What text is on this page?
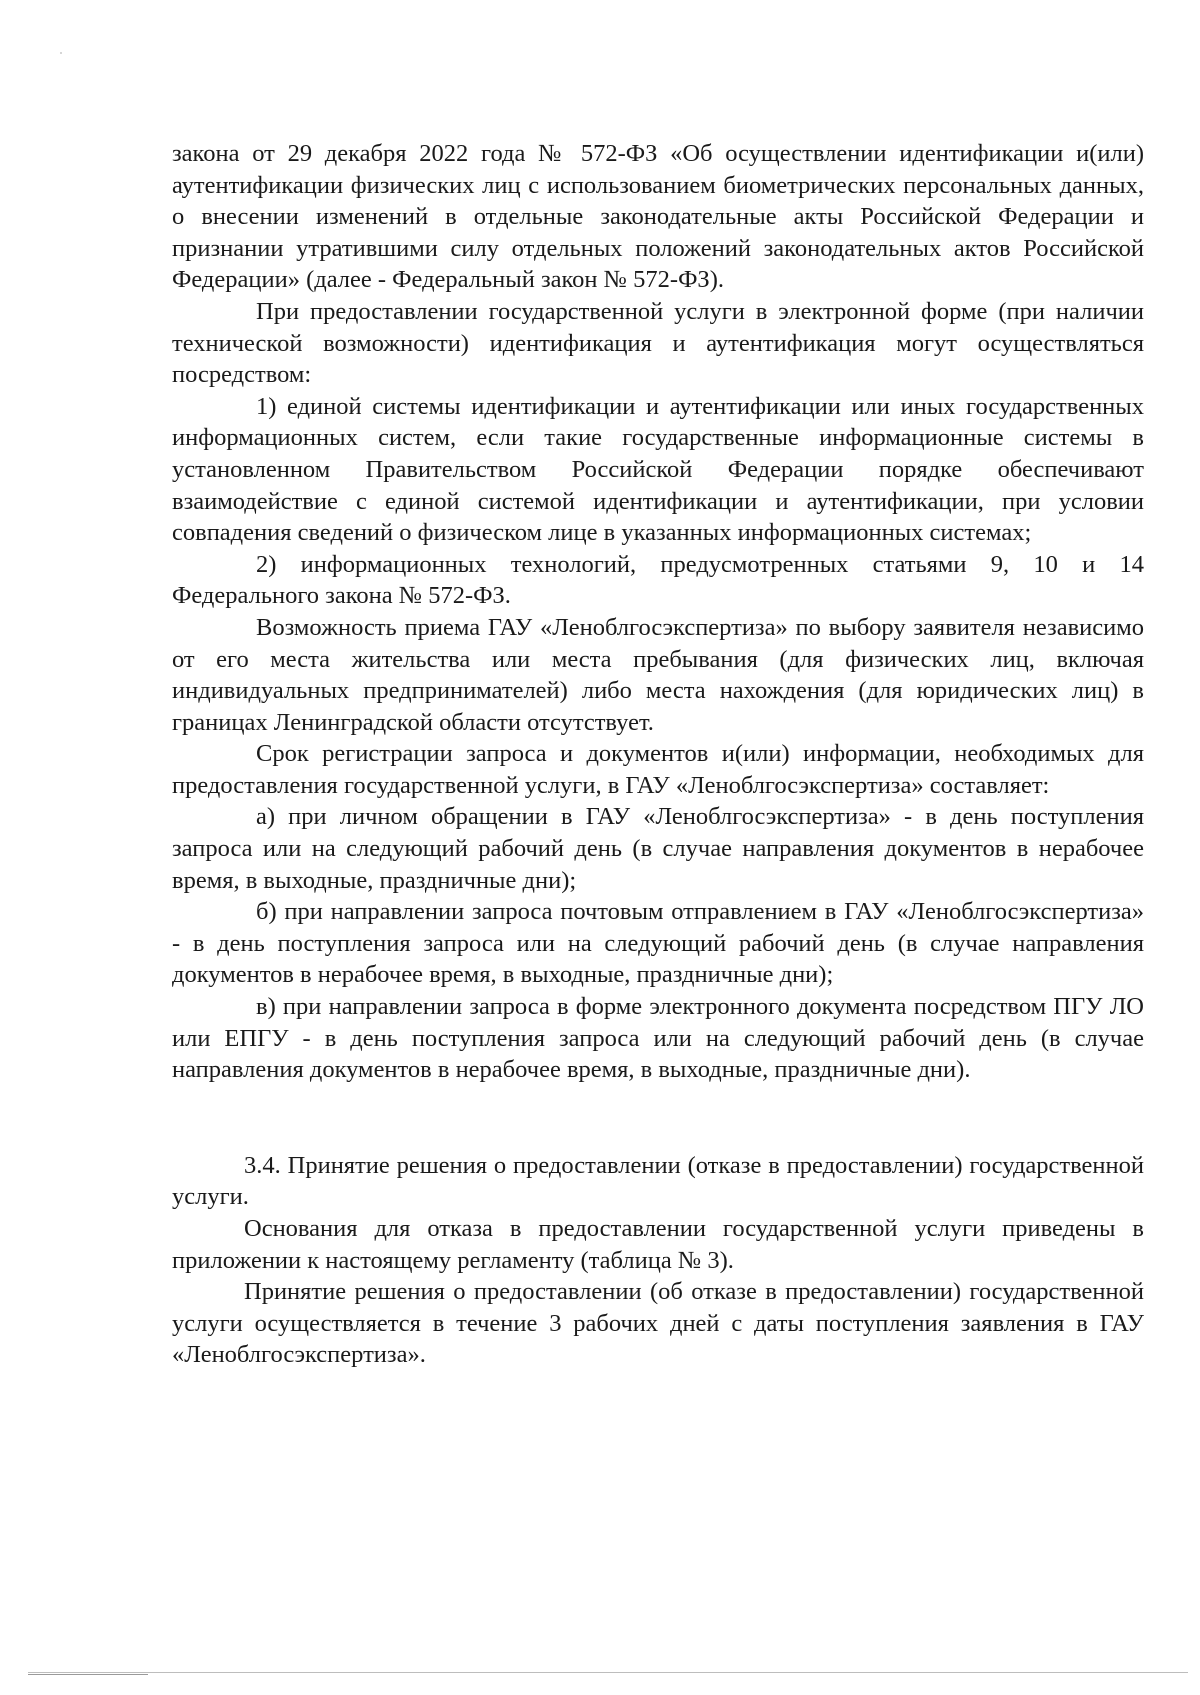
закона от 29 декабря 2022 года № 572-ФЗ «Об осуществлении идентификации и(или) аутентификации физических лиц с использованием биометрических персональных данных, о внесении изменений в отдельные законодательные акты Российской Федерации и признании утратившими силу отдельных положений законодательных актов Российской Федерации» (далее - Федеральный закон № 572-ФЗ).

При предоставлении государственной услуги в электронной форме (при наличии технической возможности) идентификация и аутентификация могут осуществляться посредством:

1) единой системы идентификации и аутентификации или иных государственных информационных систем, если такие государственные информационные системы в установленном Правительством Российской Федерации порядке обеспечивают взаимодействие с единой системой идентификации и аутентификации, при условии совпадения сведений о физическом лице в указанных информационных системах;

2) информационных технологий, предусмотренных статьями 9, 10 и 14 Федерального закона № 572-ФЗ.

Возможность приема ГАУ «Леноблгосэкспертиза» по выбору заявителя независимо от его места жительства или места пребывания (для физических лиц, включая индивидуальных предпринимателей) либо места нахождения (для юридических лиц) в границах Ленинградской области отсутствует.

Срок регистрации запроса и документов и(или) информации, необходимых для предоставления государственной услуги, в ГАУ «Леноблгосэкспертиза» составляет:

а) при личном обращении в ГАУ «Леноблгосэкспертиза» - в день поступления запроса или на следующий рабочий день (в случае направления документов в нерабочее время, в выходные, праздничные дни);

б) при направлении запроса почтовым отправлением в ГАУ «Леноблгосэкспертиза» - в день поступления запроса или на следующий рабочий день (в случае направления документов в нерабочее время, в выходные, праздничные дни);

в) при направлении запроса в форме электронного документа посредством ПГУ ЛО или ЕПГУ - в день поступления запроса или на следующий рабочий день (в случае направления документов в нерабочее время, в выходные, праздничные дни).

3.4. Принятие решения о предоставлении (отказе в предоставлении) государственной услуги.

Основания для отказа в предоставлении государственной услуги приведены в приложении к настоящему регламенту (таблица № 3).

Принятие решения о предоставлении (об отказе в предоставлении) государственной услуги осуществляется в течение 3 рабочих дней с даты поступления заявления в ГАУ «Леноблгосэкспертиза».
